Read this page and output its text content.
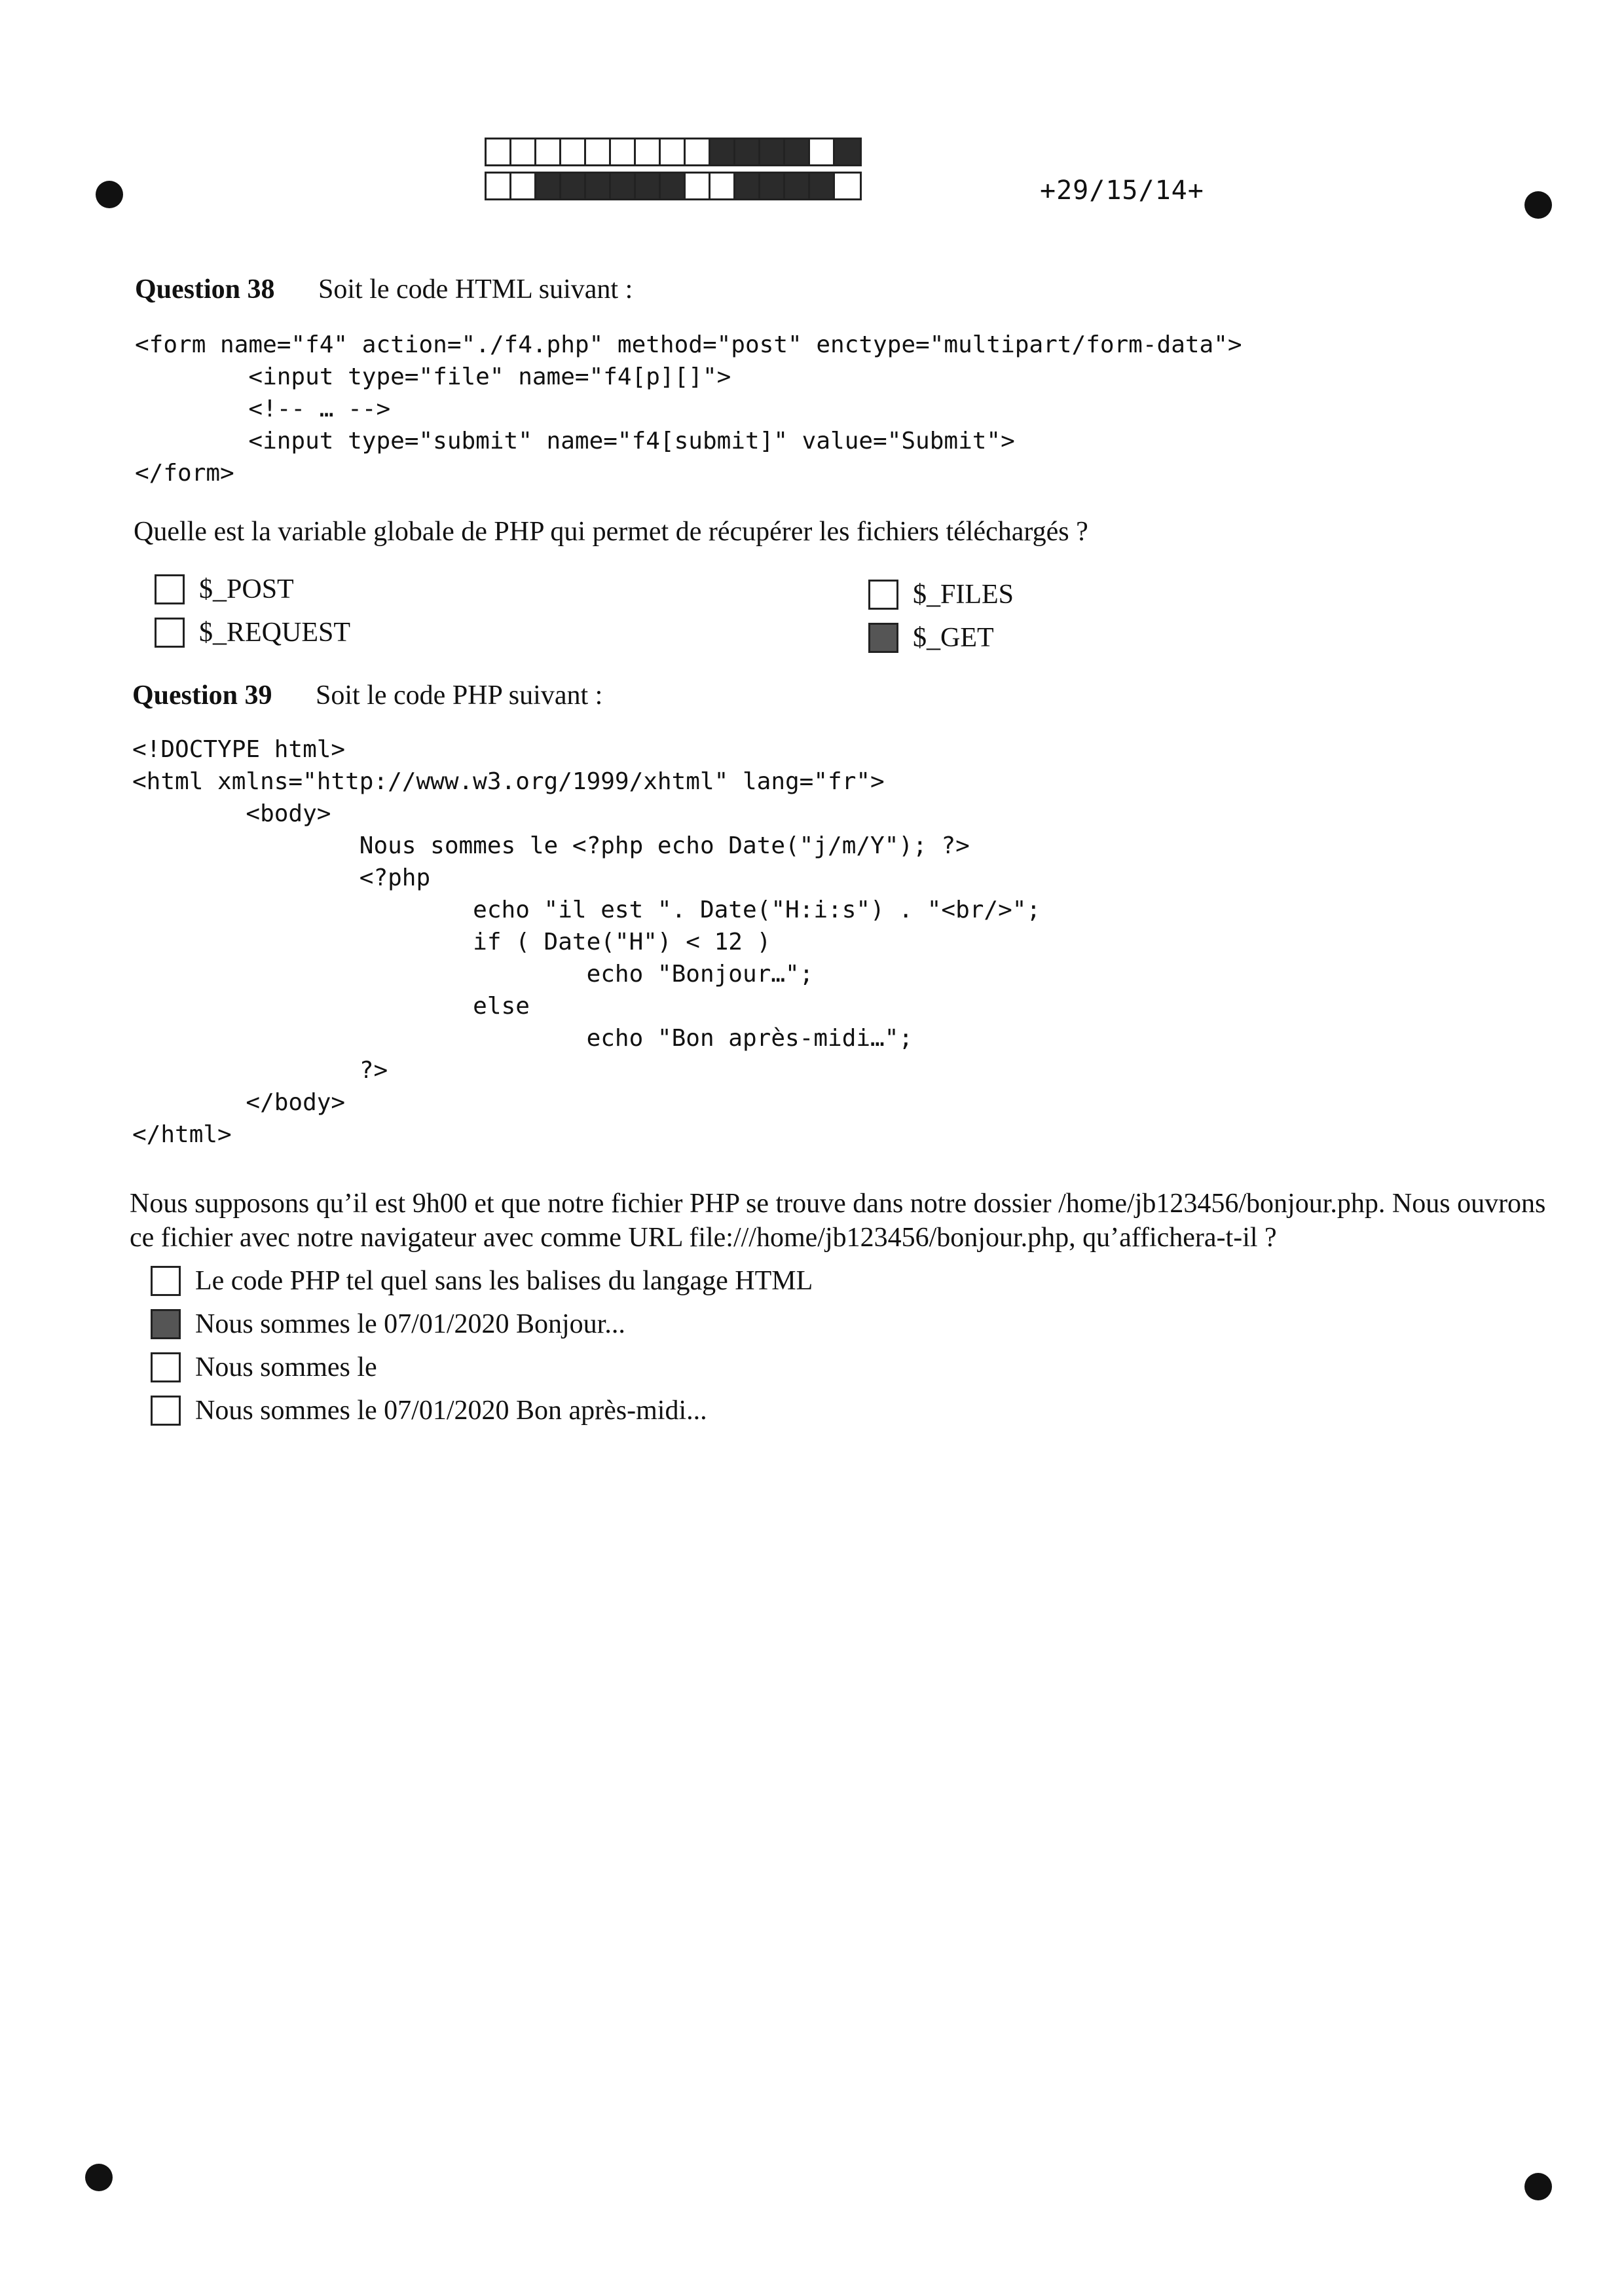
+29/15/14+
Question 38 Soit le code HTML suivant :
<form name="f4" action="./f4.php" method="post" enctype="multipart/form-data">
<input type="file" name="f4[p][]">
<!-- … -->
<input type="submit" name="f4[submit]" value="Submit">
</form>
Quelle est la variable globale de PHP qui permet de récupérer les fichiers téléchargés ?
$_POST
$_REQUEST
$_FILES
$_GET
Question 39 Soit le code PHP suivant :
<!DOCTYPE html>
<html xmlns="http://www.w3.org/1999/xhtml" lang="fr">
<body>
Nous sommes le <?php echo Date("j/m/Y"); ?>
<?php
echo "il est ". Date("H:i:s") . "<br/>";
if ( Date("H") < 12 )
echo "Bonjour…";
else
echo "Bon après-midi…";
?>
</body>
</html>
Nous supposons qu’il est 9h00 et que notre fichier PHP se trouve dans notre dossier /home/jb123456/bonjour.php. Nous ouvrons
ce fichier avec notre navigateur avec comme URL file:///home/jb123456/bonjour.php, qu’affichera-t-il ?
Le code PHP tel quel sans les balises du langage HTML
Nous sommes le 07/01/2020 Bonjour...
Nous sommes le
Nous sommes le 07/01/2020 Bon après-midi...
